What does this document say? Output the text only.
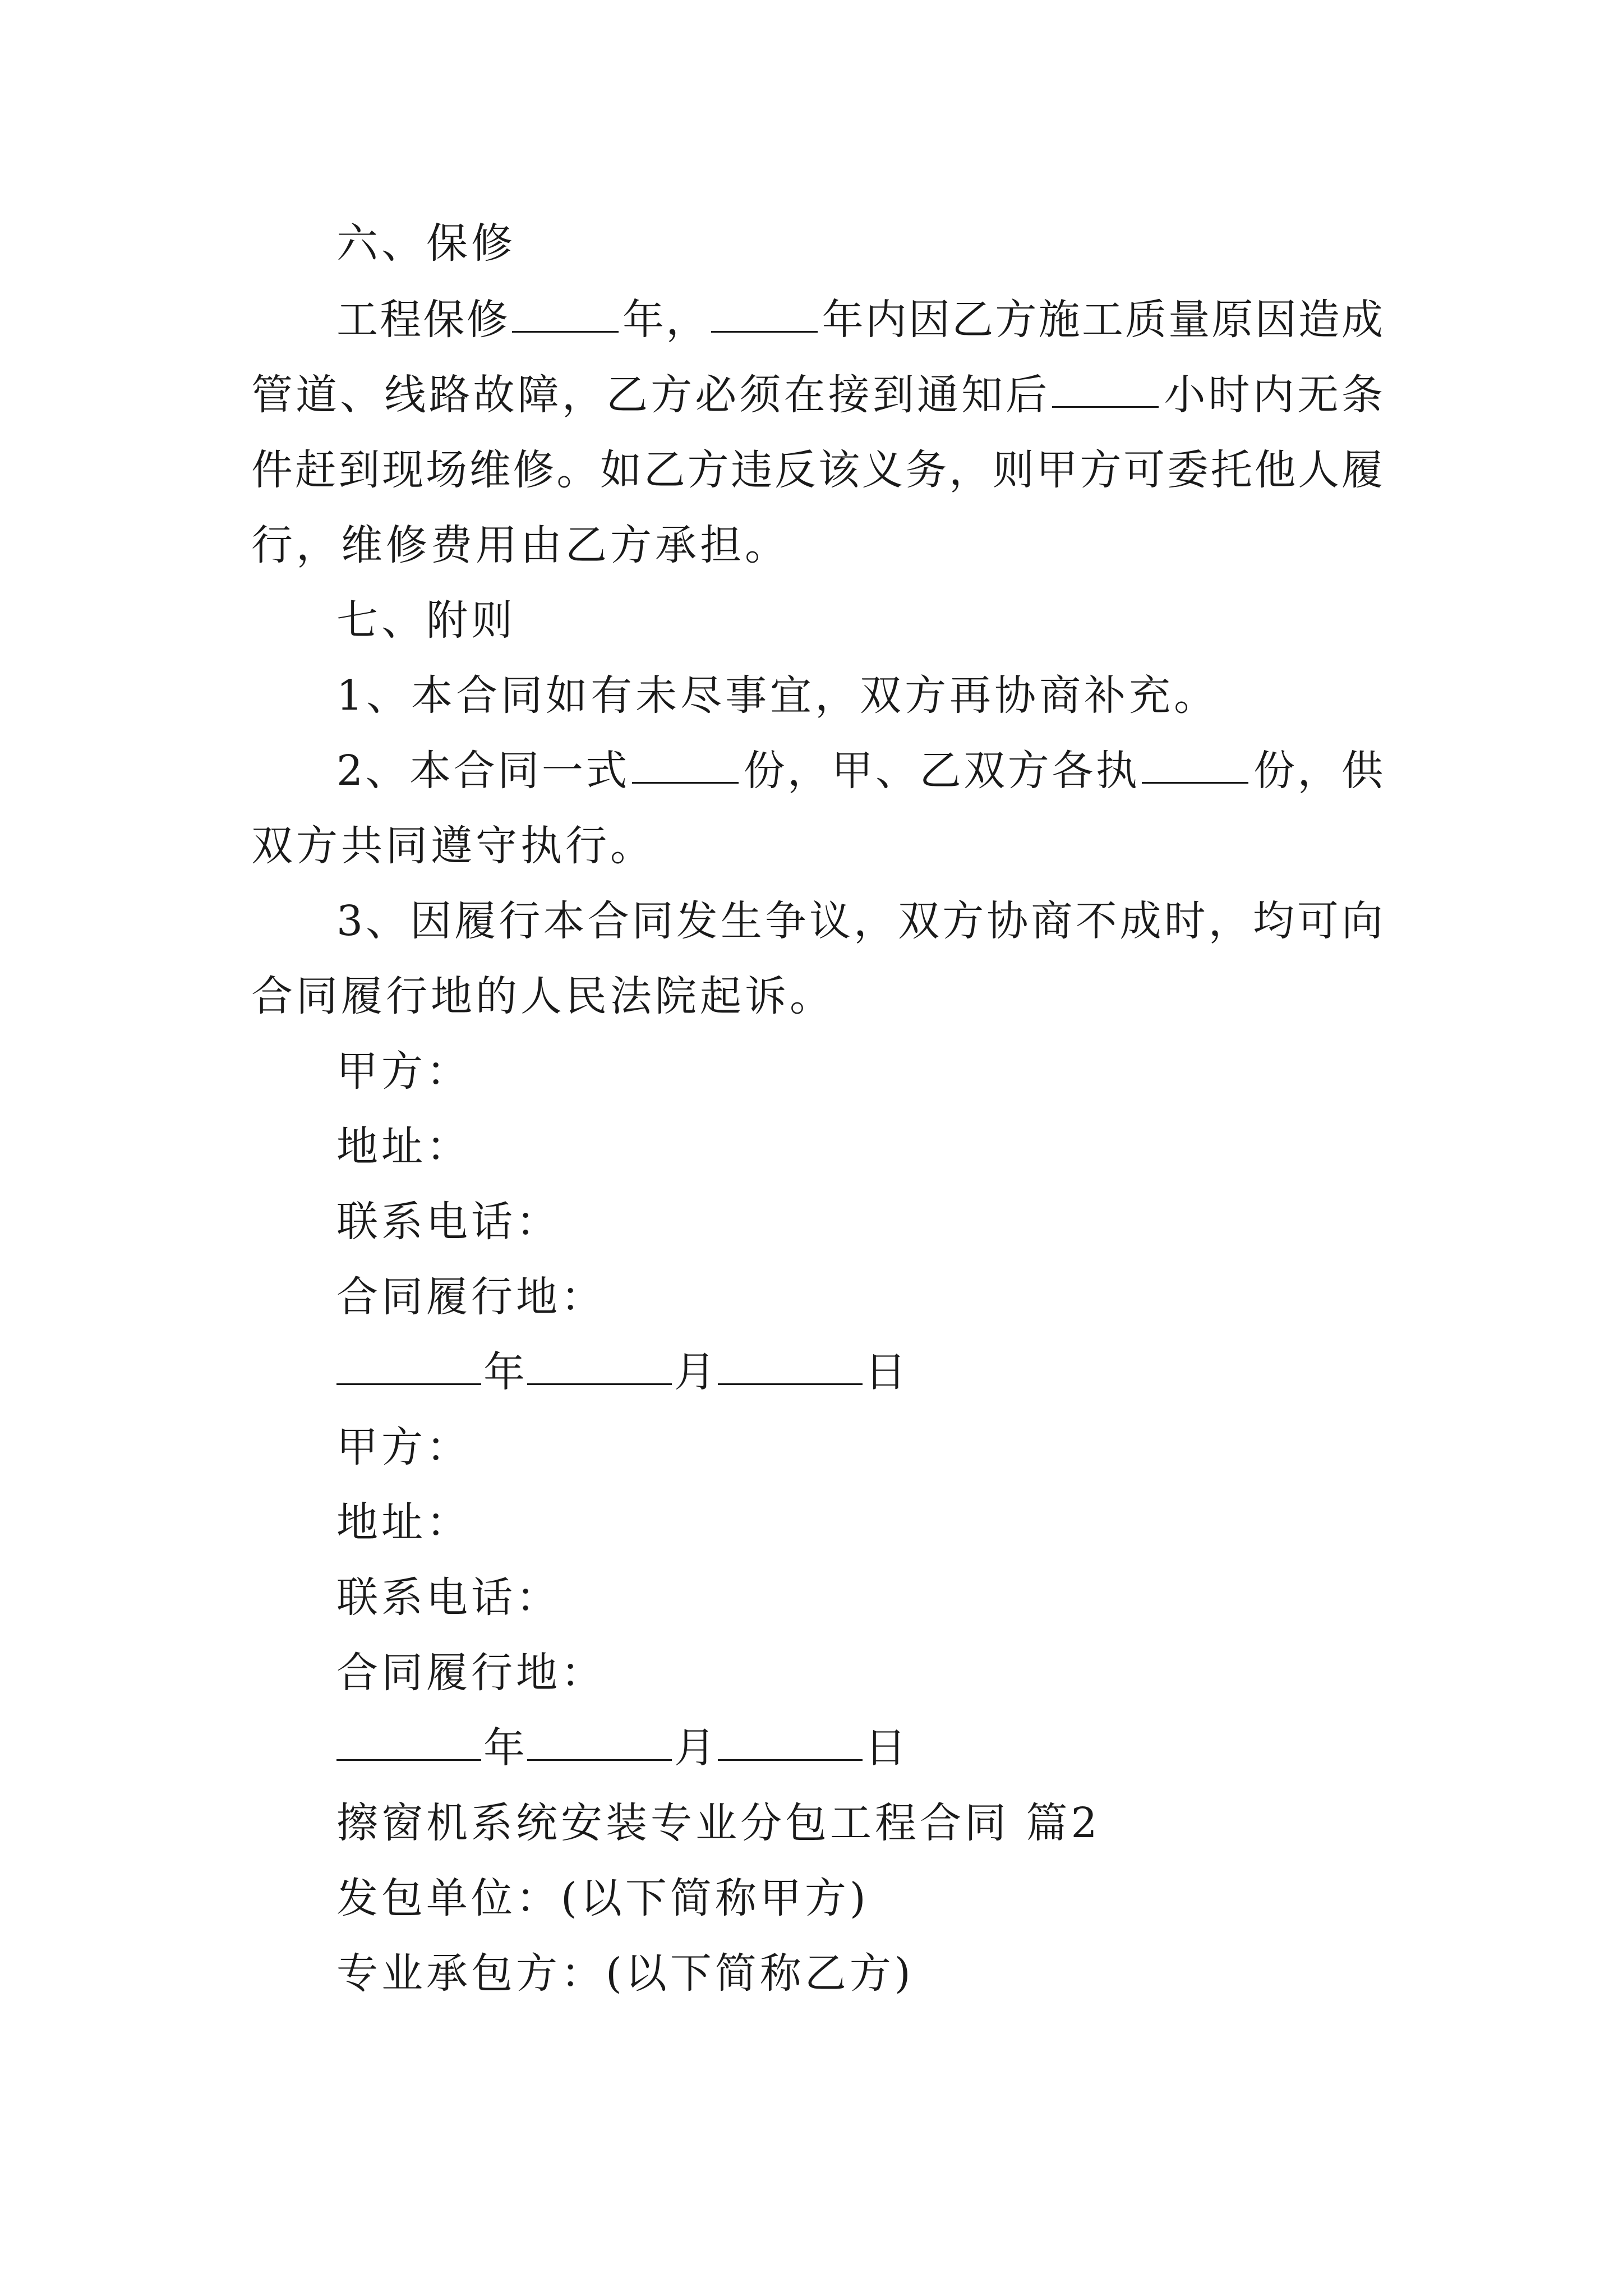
六、保修
工程保修	年，	年内因乙方施工质量原因造成
管道、线路故障，乙方必须在接到通知后	小时内无条
件赶到现场维修。如乙方违反该义务，则甲方可委托他人履
行，维修费用由乙方承担。
七、附则
1、本合同如有未尽事宜，双方再协商补充。
2、本合同一式	份，甲、乙双方各执	份，供
双方共同遵守执行。
3、因履行本合同发生争议，双方协商不成时，均可向
合同履行地的人民法院起诉。
甲方：
地址：
联系电话：
合同履行地：
年	月	日
甲方：
地址：
联系电话：
合同履行地：
年	月	日
擦窗机系统安装专业分包工程合同 篇2
发包单位：(以下简称甲方)
专业承包方：(以下简称乙方)
